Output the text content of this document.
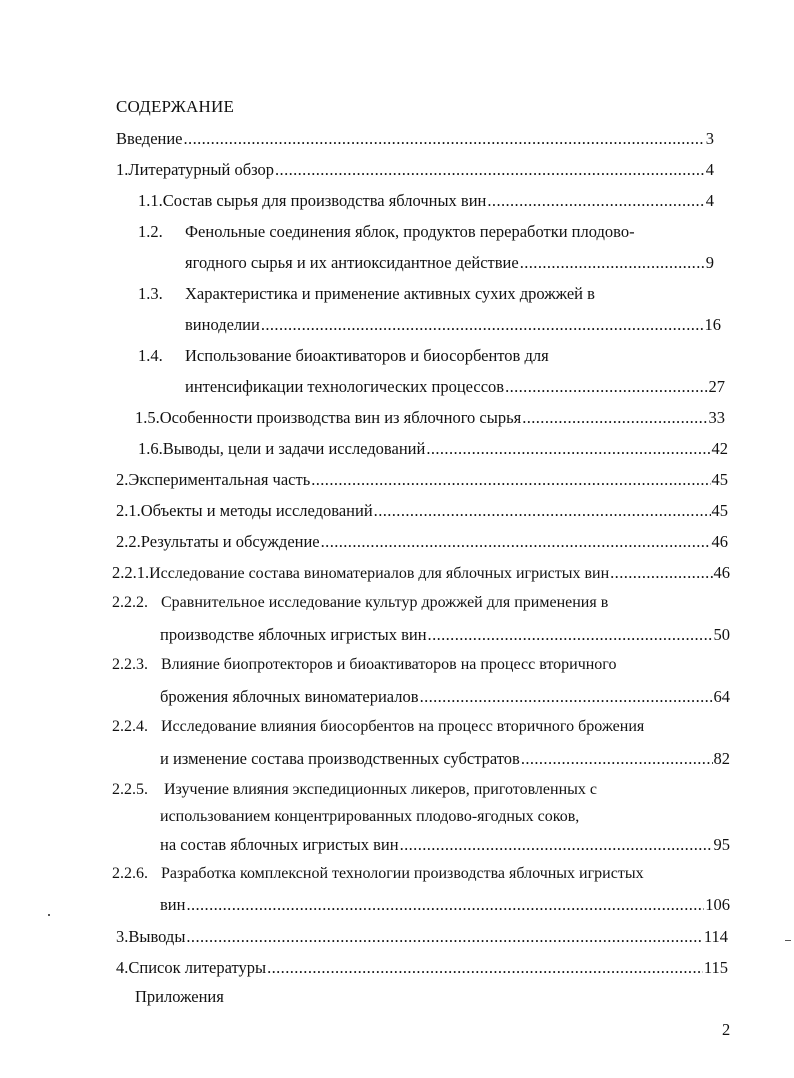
СОДЕРЖАНИЕ
Введение .....	3
1. Литературный обзор .....	4
1.1. Состав сырья для производства яблочных вин .....	4
1.2. Фенольные соединения яблок, продуктов переработки плодово-
ягодного сырья и их антиоксидантное действие .....	9
1.3. Характеристика и применение активных сухих дрожжей в
виноделии .....	16
1.4. Использование биоактиваторов и биосорбентов для
интенсификации технологических процессов .....	27
1.5. Особенности производства вин из яблочного сырья .....	33
1.6. Выводы, цели и задачи исследований .....	42
2. Экспериментальная часть .....	45
2.1. Объекты и методы исследований .....	45
2.2. Результаты и обсуждение .....	46
2.2.1. Исследование состава виноматериалов для яблочных игристых вин .....	46
2.2.2. Сравнительное исследование культур дрожжей для применения в
производстве яблочных игристых вин .....	50
2.2.3. Влияние биопротекторов и биоактиваторов на процесс вторичного
брожения яблочных виноматериалов .....	64
2.2.4. Исследование влияния биосорбентов на процесс вторичного брожения
и изменение состава производственных субстратов .....	82
2.2.5. Изучение влияния экспедиционных ликеров, приготовленных с
использованием концентрированных плодово-ягодных соков,
на состав яблочных игристых вин .....	95
2.2.6. Разработка комплексной технологии производства яблочных игристых
вин .....	106
3. Выводы .....	114
4. Список литературы .....	115
Приложения
2
